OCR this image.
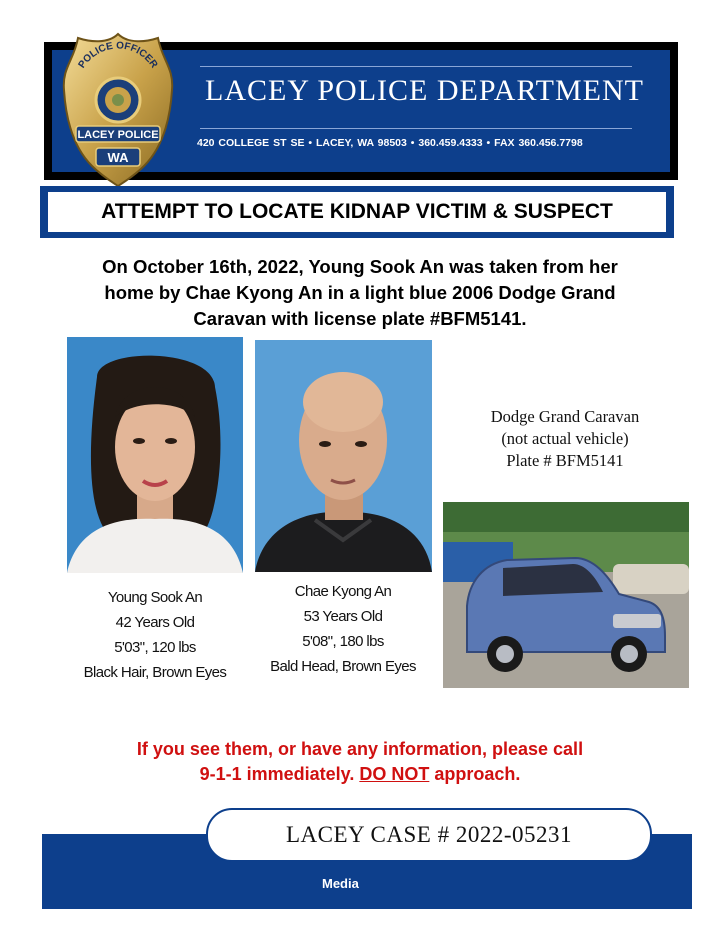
LACEY POLICE DEPARTMENT
420 COLLEGE ST SE • LACEY, WA 98503 • 360.459.4333 • FAX 360.456.7798
POLICE OFFICER
LACEY POLICE
WA
ATTEMPT TO LOCATE KIDNAP VICTIM & SUSPECT
On October 16th, 2022, Young Sook An was taken from her
home by Chae Kyong An in a light blue 2006 Dodge Grand
Caravan with license plate #BFM5141.
Young Sook An
42 Years Old
5'03", 120 lbs
Black Hair, Brown Eyes
Chae Kyong An
53 Years Old
5'08", 180 lbs
Bald Head, Brown Eyes
Dodge Grand Caravan
(not actual vehicle)
Plate # BFM5141
If you see them, or have any information, please call
9-1-1 immediately. DO NOT approach.
LACEY CASE # 2022-05231
Media
